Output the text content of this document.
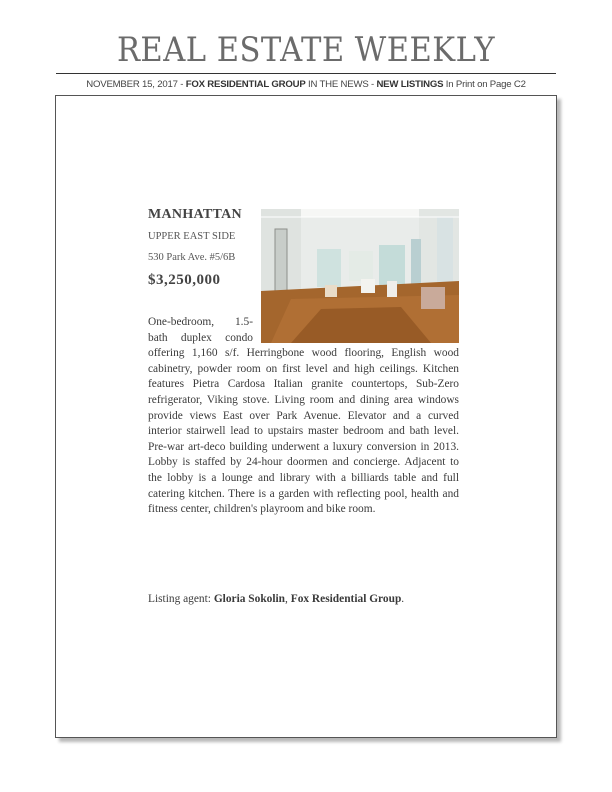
REAL ESTATE WEEKLY
NOVEMBER 15, 2017 - FOX RESIDENTIAL GROUP IN THE NEWS - NEW LISTINGS In Print on Page C2
MANHATTAN
UPPER EAST SIDE
530 Park Ave. #5/6B
$3,250,000
One-bedroom, 1.5-bath duplex condo offering 1,160 s/f. Herringbone wood flooring, English wood cabinetry, powder room on first level and high ceilings. Kitchen features Pietra Cardosa Italian granite countertops, Sub-Zero refrigerator, Viking stove. Living room and dining area windows provide views East over Park Avenue. Elevator and a curved interior stairwell lead to upstairs master bedroom and bath level. Pre-war art-deco building underwent a luxury conversion in 2013. Lobby is staffed by 24-hour doormen and concierge. Adjacent to the lobby is a lounge and library with a billiards table and full catering kitchen. There is a garden with reflecting pool, health and fitness center, children's playroom and bike room.
Listing agent: Gloria Sokolin, Fox Residential Group.
